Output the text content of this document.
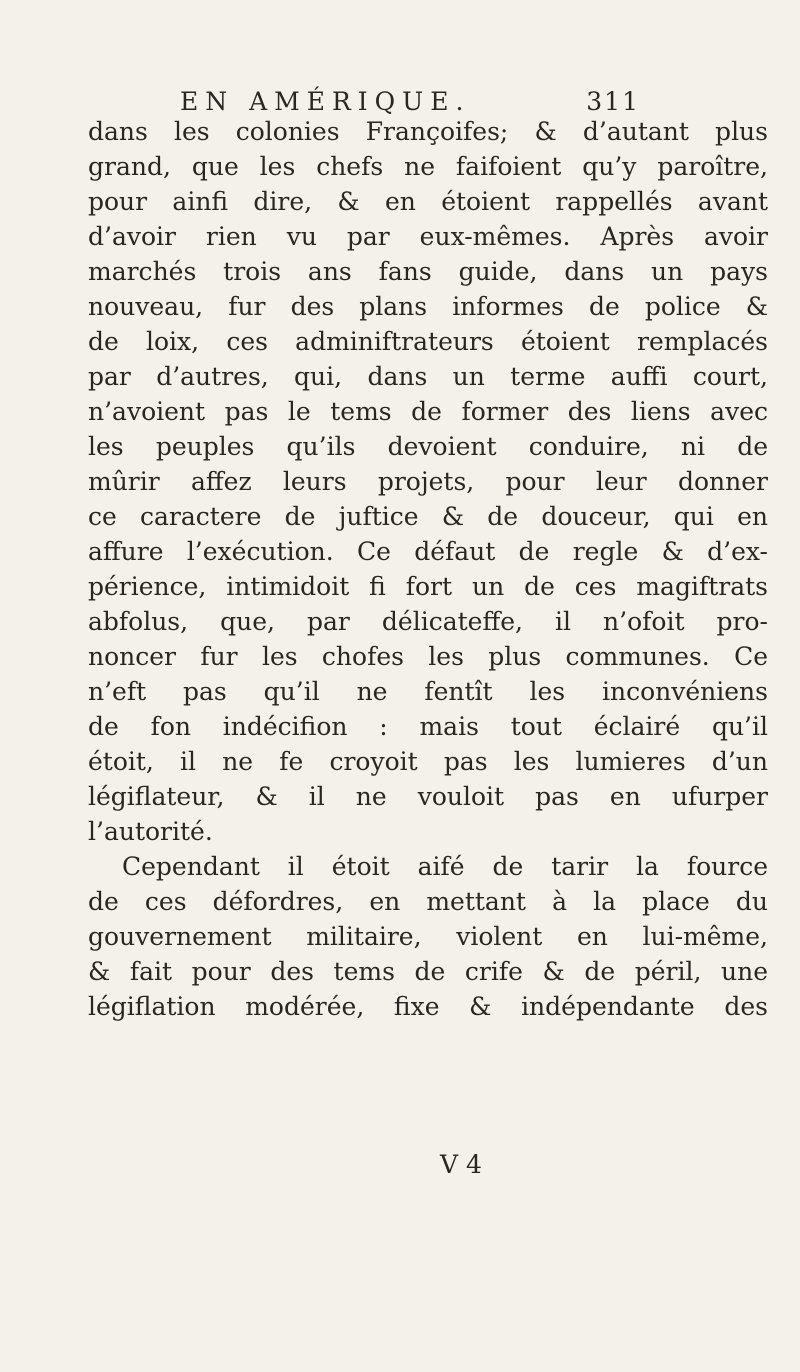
EN AMÉRIQUE.

	311

dans les colonies Françoifes; & d’autant plus
grand, que les chefs ne faifoient qu’y paroître,
pour ainfi dire, & en étoient rappellés avant
d’avoir rien vu par eux-mêmes. Après avoir
marchés trois ans fans guide, dans un pays
nouveau, fur des plans informes de police &
de loix, ces adminiftrateurs étoient remplacés
par d’autres, qui, dans un terme auffi court,
n’avoient pas le tems de former des liens avec
les peuples qu’ils devoient conduire, ni de
mûrir affez leurs projets, pour leur donner
ce caractere de juftice & de douceur, qui en
affure l’exécution. Ce défaut de regle & d’ex-
périence, intimidoit fi fort un de ces magiftrats
abfolus, que, par délicateffe, il n’ofoit pro-
noncer fur les chofes les plus communes. Ce
n’eft pas qu’il ne fentît les inconvéniens
de fon indécifion : mais tout éclairé qu’il
étoit, il ne fe croyoit pas les lumieres d’un
légiflateur, & il ne vouloit pas en ufurper
l’autorité.
Cependant il étoit aifé de tarir la fource
de ces défordres, en mettant à la place du
gouvernement militaire, violent en lui-même,
& fait pour des tems de crife & de péril, une
légiflation modérée, fixe & indépendante des
V 4
